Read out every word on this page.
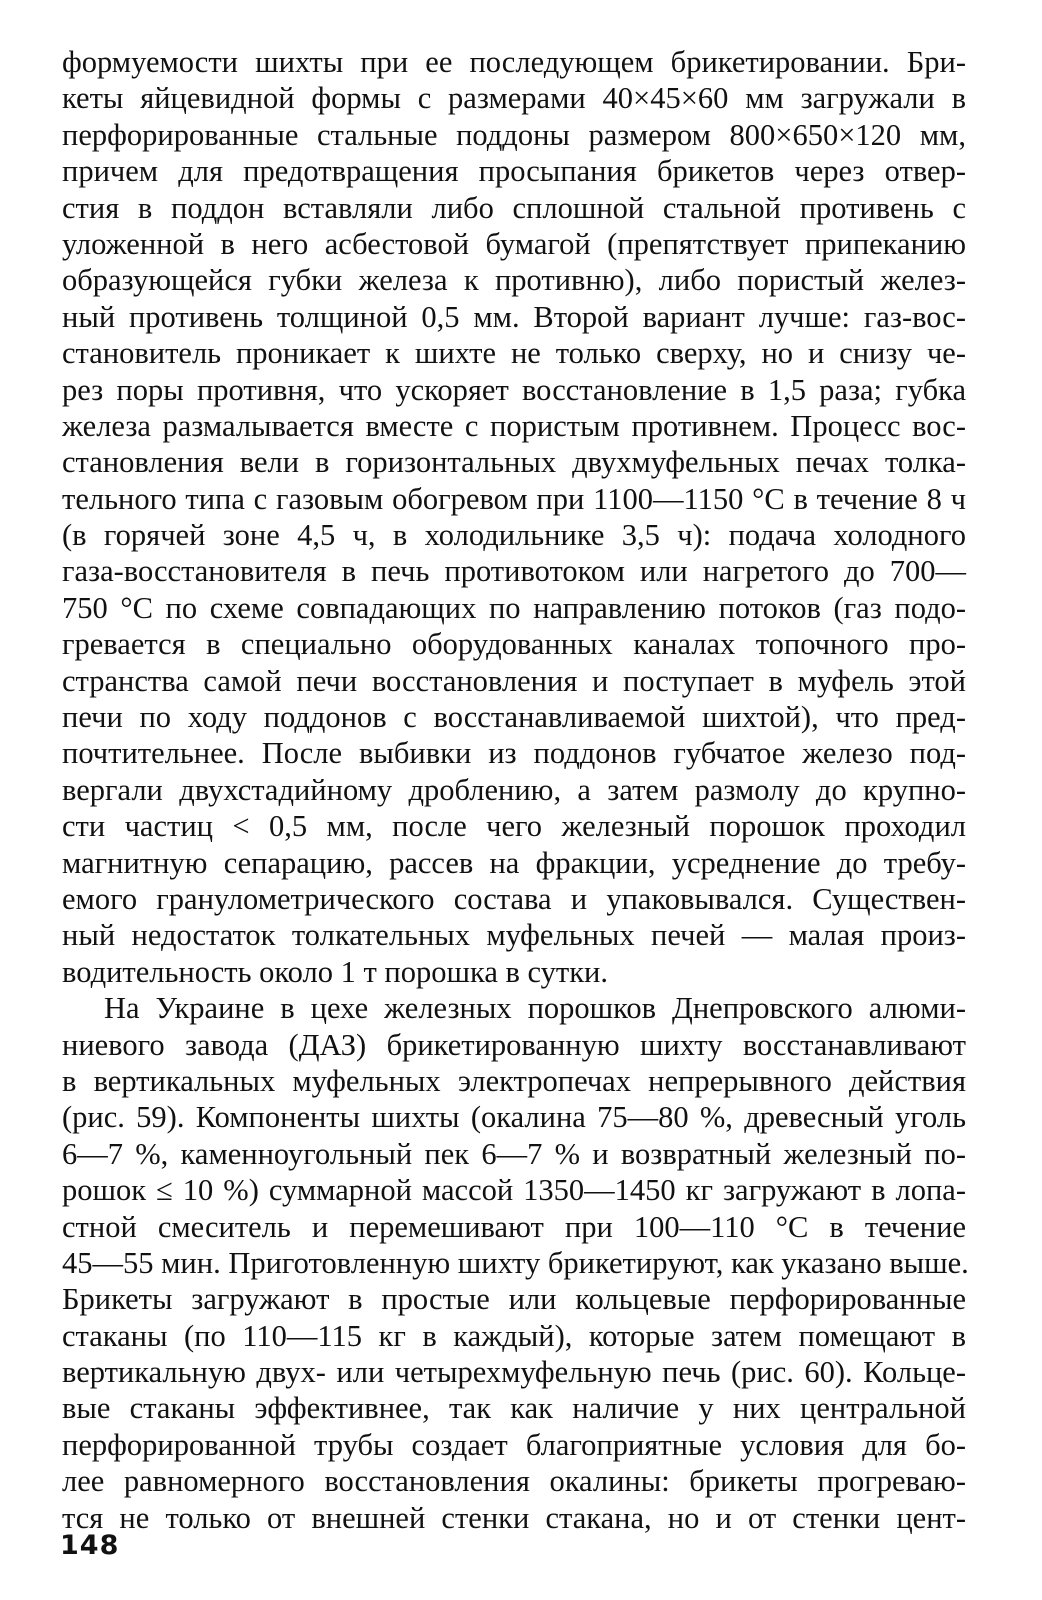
формуемости шихты при ее последующем брикетировании. Бри-
кеты яйцевидной формы с размерами 40×45×60 мм загружали в
перфорированные стальные поддоны размером 800×650×120 мм,
причем для предотвращения просыпания брикетов через отвер-
стия в поддон вставляли либо сплошной стальной противень с
уложенной в него асбестовой бумагой (препятствует припеканию
образующейся губки железа к противню), либо пористый желез-
ный противень толщиной 0,5 мм. Второй вариант лучше: газ-вос-
становитель проникает к шихте не только сверху, но и снизу че-
рез поры противня, что ускоряет восстановление в 1,5 раза; губка
железа размалывается вместе с пористым противнем. Процесс вос-
становления вели в горизонтальных двухмуфельных печах толка-
тельного типа с газовым обогревом при 1100—1150 °С в течение 8 ч
(в горячей зоне 4,5 ч, в холодильнике 3,5 ч): подача холодного
газа-восстановителя в печь противотоком или нагретого до 700—
750 °С по схеме совпадающих по направлению потоков (газ подо-
гревается в специально оборудованных каналах топочного про-
странства самой печи восстановления и поступает в муфель этой
печи по ходу поддонов с восстанавливаемой шихтой), что пред-
почтительнее. После выбивки из поддонов губчатое железо под-
вергали двухстадийному дроблению, а затем размолу до крупно-
сти частиц < 0,5 мм, после чего железный порошок проходил
магнитную сепарацию, рассев на фракции, усреднение до требу-
емого гранулометрического состава и упаковывался. Существен-
ный недостаток толкательных муфельных печей — малая произ-
водительность около 1 т порошка в сутки.
На Украине в цехе железных порошков Днепровского алюми-
ниевого завода (ДАЗ) брикетированную шихту восстанавливают
в вертикальных муфельных электропечах непрерывного действия
(рис. 59). Компоненты шихты (окалина 75—80 %, древесный уголь
6—7 %, каменноугольный пек 6—7 % и возвратный железный по-
рошок ≤ 10 %) суммарной массой 1350—1450 кг загружают в лопа-
стной смеситель и перемешивают при 100—110 °С в течение
45—55 мин. Приготовленную шихту брикетируют, как указано выше.
Брикеты загружают в простые или кольцевые перфорированные
стаканы (по 110—115 кг в каждый), которые затем помещают в
вертикальную двух- или четырехмуфельную печь (рис. 60). Кольце-
вые стаканы эффективнее, так как наличие у них центральной
перфорированной трубы создает благоприятные условия для бо-
лее равномерного восстановления окалины: брикеты прогреваю-
тся не только от внешней стенки стакана, но и от стенки цент-
148
